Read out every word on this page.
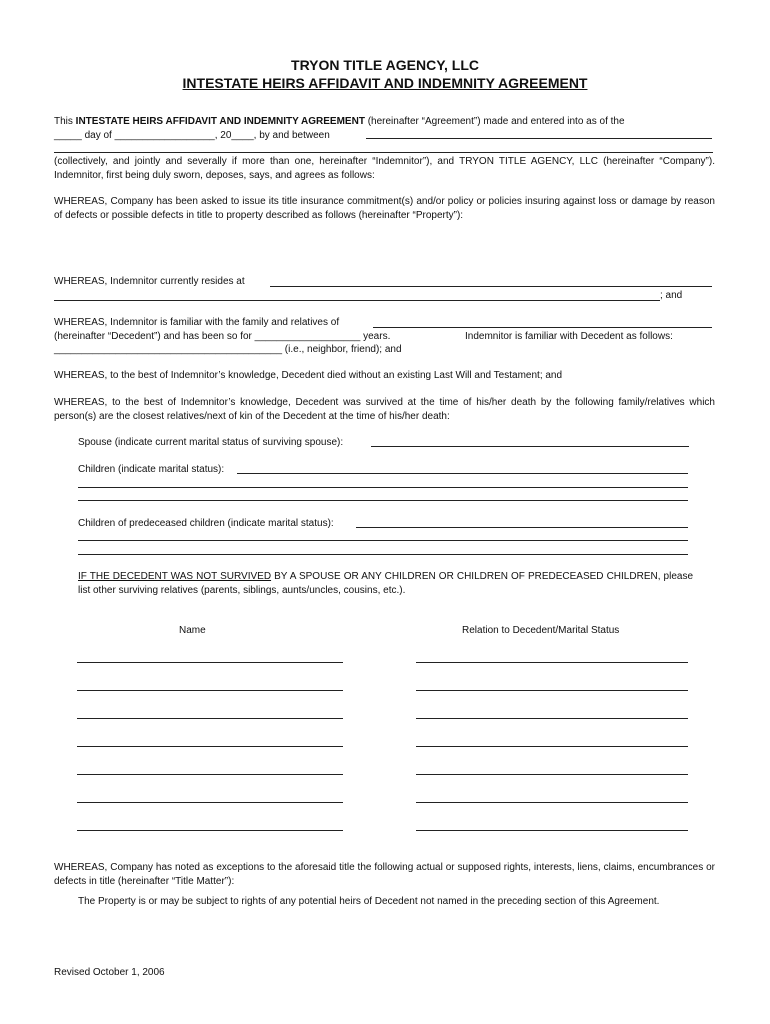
TRYON TITLE AGENCY, LLC
INTESTATE HEIRS AFFIDAVIT AND INDEMNITY AGREEMENT
This INTESTATE HEIRS AFFIDAVIT AND INDEMNITY AGREEMENT (hereinafter “Agreement”) made and entered into as of the
_____ day of __________________, 20____, by and between
(collectively, and jointly and severally if more than one, hereinafter “Indemnitor”), and TRYON TITLE AGENCY, LLC (hereinafter “Company”). Indemnitor, first being duly sworn, deposes, says, and agrees as follows:
WHEREAS, Company has been asked to issue its title insurance commitment(s) and/or policy or policies insuring against loss or damage by reason of defects or possible defects in title to property described as follows (hereinafter “Property”):
WHEREAS, Indemnitor currently resides at
; and
WHEREAS, Indemnitor is familiar with the family and relatives of
(hereinafter “Decedent”) and has been so for ___________________ years.	Indemnitor is familiar with Decedent as follows:
_________________________________________ (i.e., neighbor, friend); and
WHEREAS, to the best of Indemnitor’s knowledge, Decedent died without an existing Last Will and Testament; and
WHEREAS, to the best of Indemnitor’s knowledge, Decedent was survived at the time of his/her death by the following family/relatives which person(s) are the closest relatives/next of kin of the Decedent at the time of his/her death:
Spouse (indicate current marital status of surviving spouse):
Children (indicate marital status):
Children of predeceased children (indicate marital status):
IF THE DECEDENT WAS NOT SURVIVED BY A SPOUSE OR ANY CHILDREN OR CHILDREN OF PREDECEASED CHILDREN, please list other surviving relatives (parents, siblings, aunts/uncles, cousins, etc.).
Name	Relation to Decedent/Marital Status
WHEREAS, Company has noted as exceptions to the aforesaid title the following actual or supposed rights, interests, liens, claims, encumbrances or defects in title (hereinafter “Title Matter”):
The Property is or may be subject to rights of any potential heirs of Decedent not named in the preceding section of this Agreement.
Revised October 1, 2006
